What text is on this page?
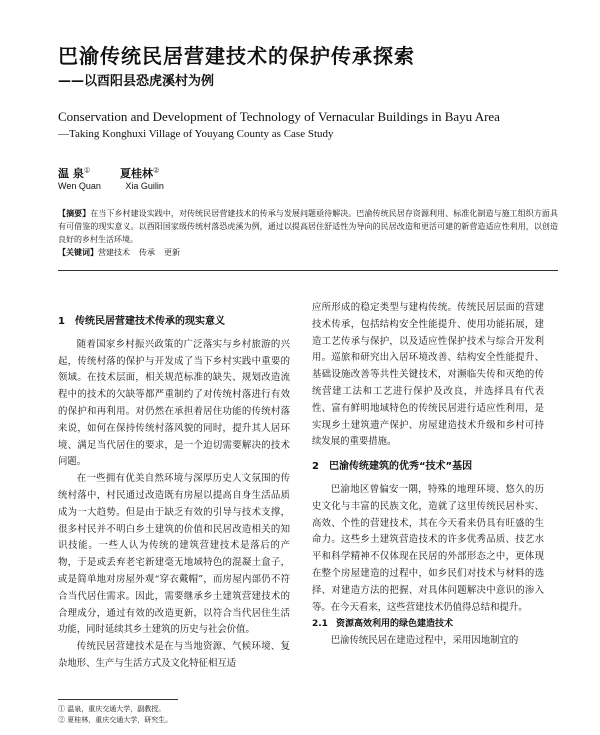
巴渝传统民居营建技术的保护传承探索
——以酉阳县恐虎溪村为例
Conservation and Development of Technology of Vernacular Buildings in Bayu Area
—Taking Konghuxi Village of Youyang County as Case Study
温 泉①	夏桂林②
Wen Quan	Xia Guilin
【摘要】在当下乡村建设实践中，对传统民居营建技术的传承与发展问题亟待解决。巴渝传统民居存资源利用、标准化制造与施工组织方面具有可借鉴的现实意义。以酉阳国家级传统村落恐虎溪为例，通过以提高居住舒适性为导向的民居改造和更活可建的新营造适应性利用，以创造良好的乡村生活环境。
【关键词】营建技术 传承 更新
1 传统民居营建技术传承的现实意义

随着国家乡村振兴政策的广泛落实与乡村旅游的兴起，传统村落的保护与开发成了当下乡村实践中重要的领域。在技术层面，相关规范标准的缺失、规划改造流程中的技术的欠缺等都严重制约了对传统村落进行有效的保护和再利用。对仍然在承担着居住功能的传统村落来说，如何在保持传统村落风貌的同时，提升其人居环境、满足当代居住的要求，是一个迫切需要解决的技术问题。

在一些拥有优美自然环境与深厚历史人文氛围的传统村落中，村民通过改造既有房屋以提高自身生活品质成为一大趋势。但是由于缺乏有效的引导与技术支撑，很多村民并不明白乡土建筑的价值和民居改造相关的知识技能。一些人认为传统的建筑营建技术是落后的产物，于是或丢弃老宅新建毫无地域特色的混凝土盒子，或是简单地对房屋外观“穿衣戴帽”，而房屋内部仍不符合当代居住需求。因此，需要继承乡土建筑营建技术的合理成分，通过有效的改造更新，以符合当代居住生活功能，同时延续其乡土建筑的历史与社会价值。

传统民居营建技术是在与当地资源、气候环境、复杂地形、生产与生活方式及文化特征相互适

应所形成的稳定类型与建构传统。传统民居层面的营建技术传承，包括结构安全性能提升、使用功能拓展，建造工艺传承与保护，以及适应性保护技术与综合开发利用。巡旅和研究出入居环境改善、结构安全性能提升、基础设施改善等共性关键技术，对濒临失传和灭绝的传统营建工法和工艺进行保护及改良，并选择具有代表性、富有鲜明地域特色的传统民居进行适应性利用，是实现乡土建筑遗产保护、房屋建造技术升级和乡村可持续发展的重要措施。

2 巴渝传统建筑的优秀“技术”基因

巴渝地区曾偏安一隅，特殊的地理环境、悠久的历史文化与丰富的民族文化，造就了这里传统民居朴实、高效、个性的营建技术，其在今天看来仍具有旺盛的生命力。这些乡土建筑营造技术的许多优秀品质、技艺水平和科学精神不仅体现在民居的外部形态之中，更体现在整个房屋建造的过程中，如乡民们对技术与材料的选择、对建造方法的把握、对具体问题解决中意识的渗入等。在今天看来，这些营建技术仍值得总结和提升。

2.1 资源高效利用的绿色建造技术

巴渝传统民居在建造过程中，采用因地制宜的

① 温泉，重庆交通大学，副教授。
② 夏桂林，重庆交通大学，研究生。
